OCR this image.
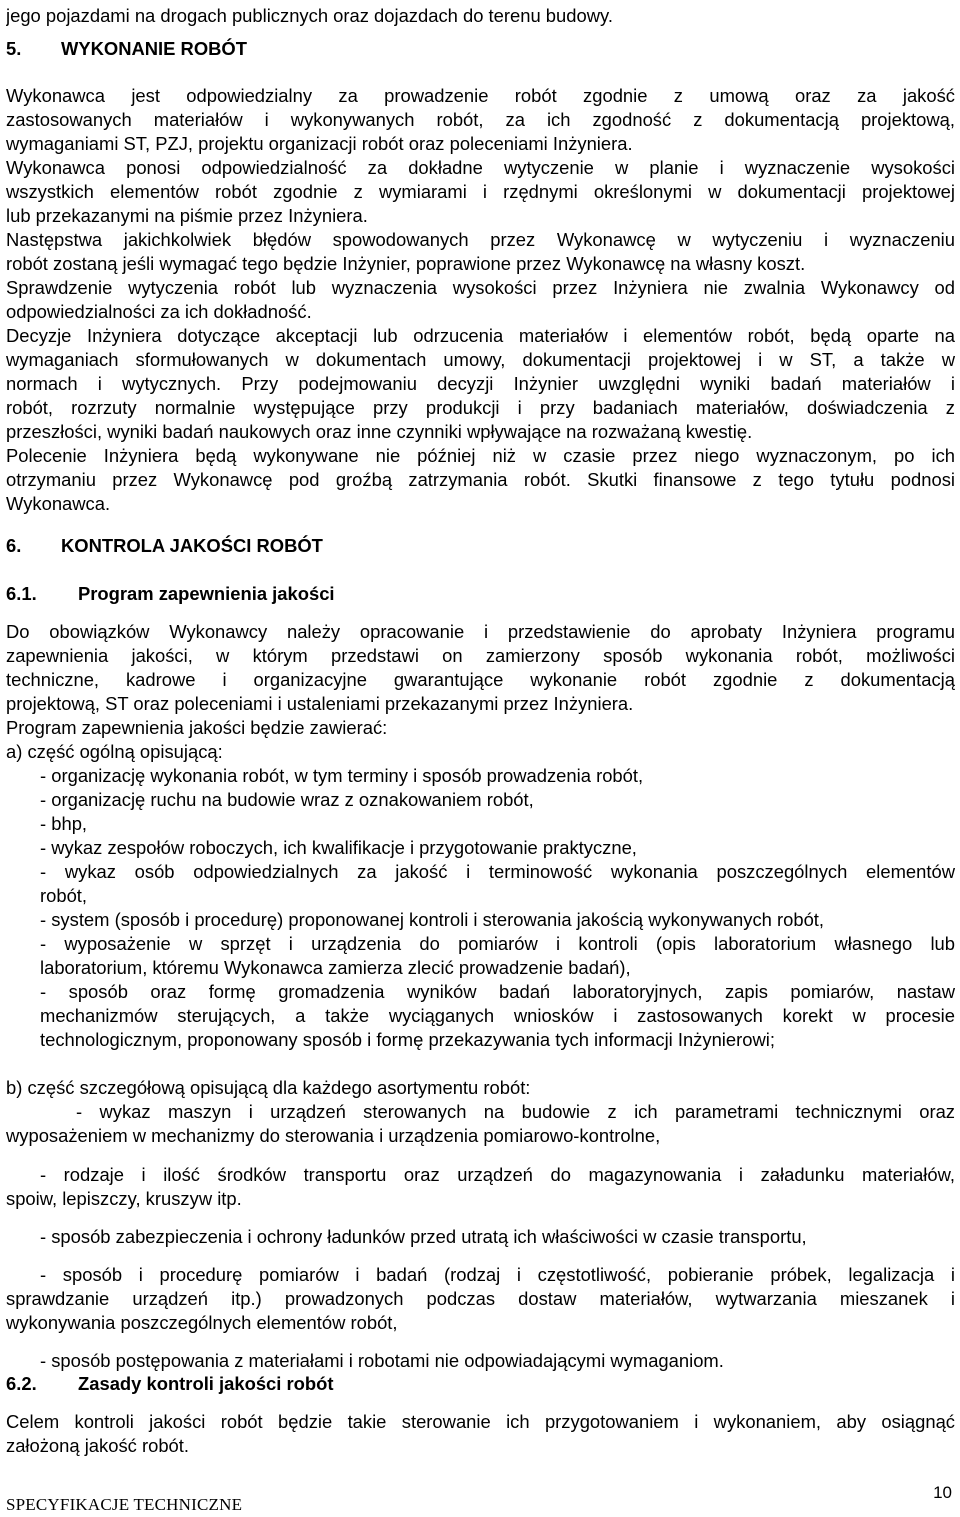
jego pojazdami na drogach publicznych oraz dojazdach do terenu budowy.
5. WYKONANIE ROBÓT
Wykonawca jest odpowiedzialny za prowadzenie robót zgodnie z umową oraz za jakość
zastosowanych materiałów i wykonywanych robót, za ich zgodność z dokumentacją projektową,
wymaganiami ST, PZJ, projektu organizacji robót oraz poleceniami Inżyniera.
Wykonawca ponosi odpowiedzialność za dokładne wytyczenie w planie i wyznaczenie wysokości
wszystkich elementów robót zgodnie z wymiarami i rzędnymi określonymi w dokumentacji projektowej
lub przekazanymi na piśmie przez Inżyniera.
Następstwa jakichkolwiek błędów spowodowanych przez Wykonawcę w wytyczeniu i wyznaczeniu
robót zostaną jeśli wymagać tego będzie Inżynier, poprawione przez Wykonawcę na własny koszt.
Sprawdzenie wytyczenia robót lub wyznaczenia wysokości przez Inżyniera nie zwalnia Wykonawcy od
odpowiedzialności za ich dokładność.
Decyzje Inżyniera dotyczące akceptacji lub odrzucenia materiałów i elementów robót, będą oparte na
wymaganiach sformułowanych w dokumentach umowy, dokumentacji projektowej i w ST, a także w
normach i wytycznych. Przy podejmowaniu decyzji Inżynier uwzględni wyniki badań materiałów i
robót, rozrzuty normalnie występujące przy produkcji i przy badaniach materiałów, doświadczenia z
przeszłości, wyniki badań naukowych oraz inne czynniki wpływające na rozważaną kwestię.
Polecenie Inżyniera będą wykonywane nie później niż w czasie przez niego wyznaczonym, po ich
otrzymaniu przez Wykonawcę pod groźbą zatrzymania robót. Skutki finansowe z tego tytułu podnosi
Wykonawca.
6. KONTROLA JAKOŚCI ROBÓT
6.1. Program zapewnienia jakości
Do obowiązków Wykonawcy należy opracowanie i przedstawienie do aprobaty Inżyniera programu
zapewnienia jakości, w którym przedstawi on zamierzony sposób wykonania robót, możliwości
techniczne, kadrowe i organizacyjne gwarantujące wykonanie robót zgodnie z dokumentacją
projektową, ST oraz poleceniami i ustaleniami przekazanymi przez Inżyniera.
Program zapewnienia jakości będzie zawierać:
a) część ogólną opisującą:
- organizację wykonania robót, w tym terminy i sposób prowadzenia robót,
- organizację ruchu na budowie wraz z oznakowaniem robót,
- bhp,
- wykaz zespołów roboczych, ich kwalifikacje i przygotowanie praktyczne,
- wykaz osób odpowiedzialnych za jakość i terminowość wykonania poszczególnych elementów
robót,
- system (sposób i procedurę) proponowanej kontroli i sterowania jakością wykonywanych robót,
- wyposażenie w sprzęt i urządzenia do pomiarów i kontroli (opis laboratorium własnego lub
laboratorium, któremu Wykonawca zamierza zlecić prowadzenie badań),
- sposób oraz formę gromadzenia wyników badań laboratoryjnych, zapis pomiarów, nastaw
mechanizmów sterujących, a także wyciąganych wniosków i zastosowanych korekt w procesie
technologicznym, proponowany sposób i formę przekazywania tych informacji Inżynierowi;
b) część szczegółową opisującą dla każdego asortymentu robót:
- wykaz maszyn i urządzeń sterowanych na budowie z ich parametrami technicznymi oraz
wyposażeniem w mechanizmy do sterowania i urządzenia pomiarowo-kontrolne,
- rodzaje i ilość środków transportu oraz urządzeń do magazynowania i załadunku materiałów,
spoiw, lepiszczy, kruszyw itp.
- sposób zabezpieczenia i ochrony ładunków przed utratą ich właściwości w czasie transportu,
- sposób i procedurę pomiarów i badań (rodzaj i częstotliwość, pobieranie próbek, legalizacja i
sprawdzanie urządzeń itp.) prowadzonych podczas dostaw materiałów, wytwarzania mieszanek i
wykonywania poszczególnych elementów robót,
- sposób postępowania z materiałami i robotami nie odpowiadającymi wymaganiom.
6.2. Zasady kontroli jakości robót
Celem kontroli jakości robót będzie takie sterowanie ich przygotowaniem i wykonaniem, aby osiągnąć
założoną jakość robót.
SPECYFIKACJE TECHNICZNE
10
